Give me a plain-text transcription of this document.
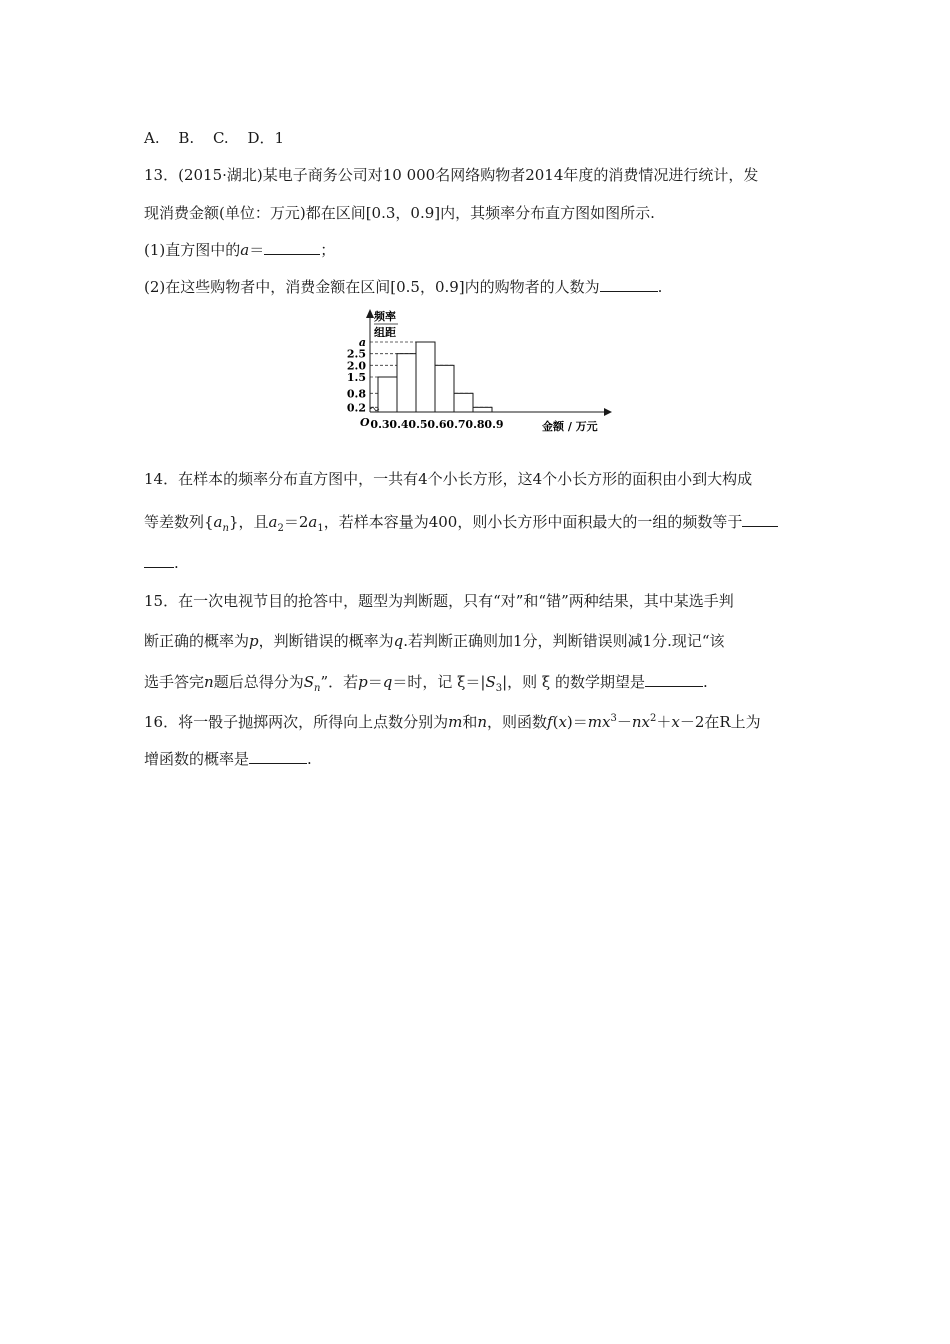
A. B. C. D．1
13．(2015·湖北)某电子商务公司对10 000名网络购物者2014年度的消费情况进行统计，发
现消费金额(单位：万元)都在区间[0.3，0.9]内，其频率分布直方图如图所示.
(1)直方图中的a＝	；
(2)在这些购物者中，消费金额在区间[0.5，0.9]内的购物者的人数为	.
频率
组距
O
0.2
0.8
1.5
2.0
2.5
a
0.3 0.4 0.5 0.6 0.7 0.8 0.9	金额 / 万元
14．在样本的频率分布直方图中，一共有4个小长方形，这4个小长方形的面积由小到大构成
等差数列$\{a_n\}$，且$a_2=2a_1$，若样本容量为400，则小长方形中面积最大的一组的频数等于
.
15．在一次电视节目的抢答中，题型为判断题，只有“对”和“错”两种结果，其中某选手判
断正确的概率为p，判断错误的概率为q.若判断正确则加1分，判断错误则减1分.现记“该
选手答完n题后总得分为$S_n$”．若p＝q＝时，记 $\xi=|S_3|$，则 ξ 的数学期望是	.
16．将一骰子抛掷两次，所得向上点数分别为m和n，则函数$f(x)=mx^3-nx^2+x-2$在R上为
增函数的概率是	.
